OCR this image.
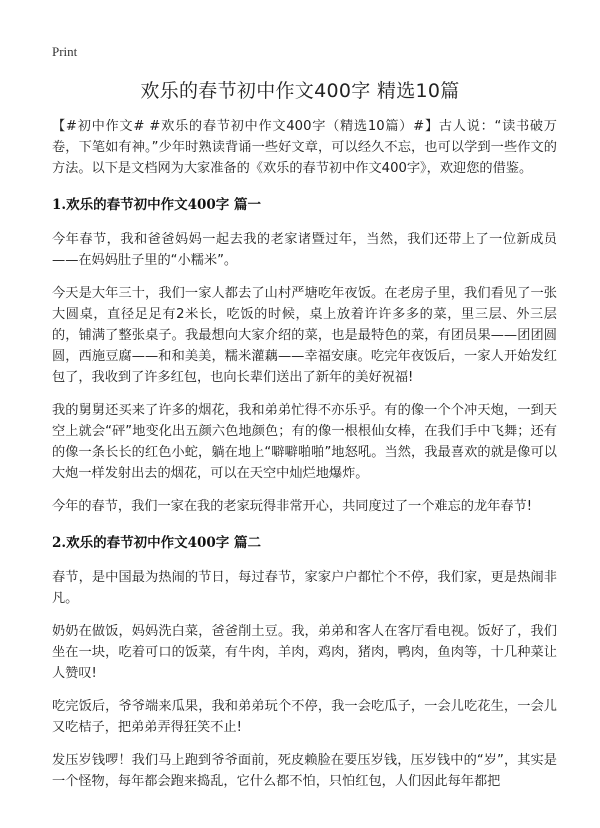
Print
欢乐的春节初中作文400字 精选10篇

【#初中作文# #欢乐的春节初中作文400字（精选10篇）#】古人说：“读书破万卷，下笔如有神。”少年时熟读背诵一些好文章，可以经久不忘，也可以学到一些作文的方法。以下是文档网为大家准备的《欢乐的春节初中作文400字》，欢迎您的借鉴。

1.欢乐的春节初中作文400字 篇一

今年春节，我和爸爸妈妈一起去我的老家诸暨过年，当然，我们还带上了一位新成员——在妈妈肚子里的“小糯米”。

今天是大年三十，我们一家人都去了山村严塘吃年夜饭。在老房子里，我们看见了一张大圆桌，直径足足有2米长，吃饭的时候，桌上放着许许多多的菜，里三层、外三层的，铺满了整张桌子。我最想向大家介绍的菜，也是最特色的菜，有团员果——团团圆圆，西施豆腐——和和美美，糯米灌藕——幸福安康。吃完年夜饭后，一家人开始发红包了，我收到了许多红包，也向长辈们送出了新年的美好祝福!

我的舅舅还买来了许多的烟花，我和弟弟忙得不亦乐乎。有的像一个个冲天炮，一到天空上就会“砰”地变化出五颜六色地颜色；有的像一根根仙女棒，在我们手中飞舞；还有的像一条长长的红色小蛇，躺在地上“噼噼啪啪”地怒吼。当然，我最喜欢的就是像可以大炮一样发射出去的烟花，可以在天空中灿烂地爆炸。

今年的春节，我们一家在我的老家玩得非常开心，共同度过了一个难忘的龙年春节!

2.欢乐的春节初中作文400字 篇二

春节，是中国最为热闹的节日，每过春节，家家户户都忙个不停，我们家，更是热闹非凡。

奶奶在做饭，妈妈洗白菜，爸爸削土豆。我，弟弟和客人在客厅看电视。饭好了，我们坐在一块，吃着可口的饭菜，有牛肉，羊肉，鸡肉，猪肉，鸭肉，鱼肉等，十几种菜让人赞叹!

吃完饭后，爷爷端来瓜果，我和弟弟玩个不停，我一会吃瓜子，一会儿吃花生，一会儿又吃桔子，把弟弟弄得狂笑不止!

发压岁钱啰！我们马上跑到爷爷面前，死皮赖脸在要压岁钱，压岁钱中的“岁”，其实是一个怪物，每年都会跑来捣乱，它什么都不怕，只怕红包，人们因此每年都把
